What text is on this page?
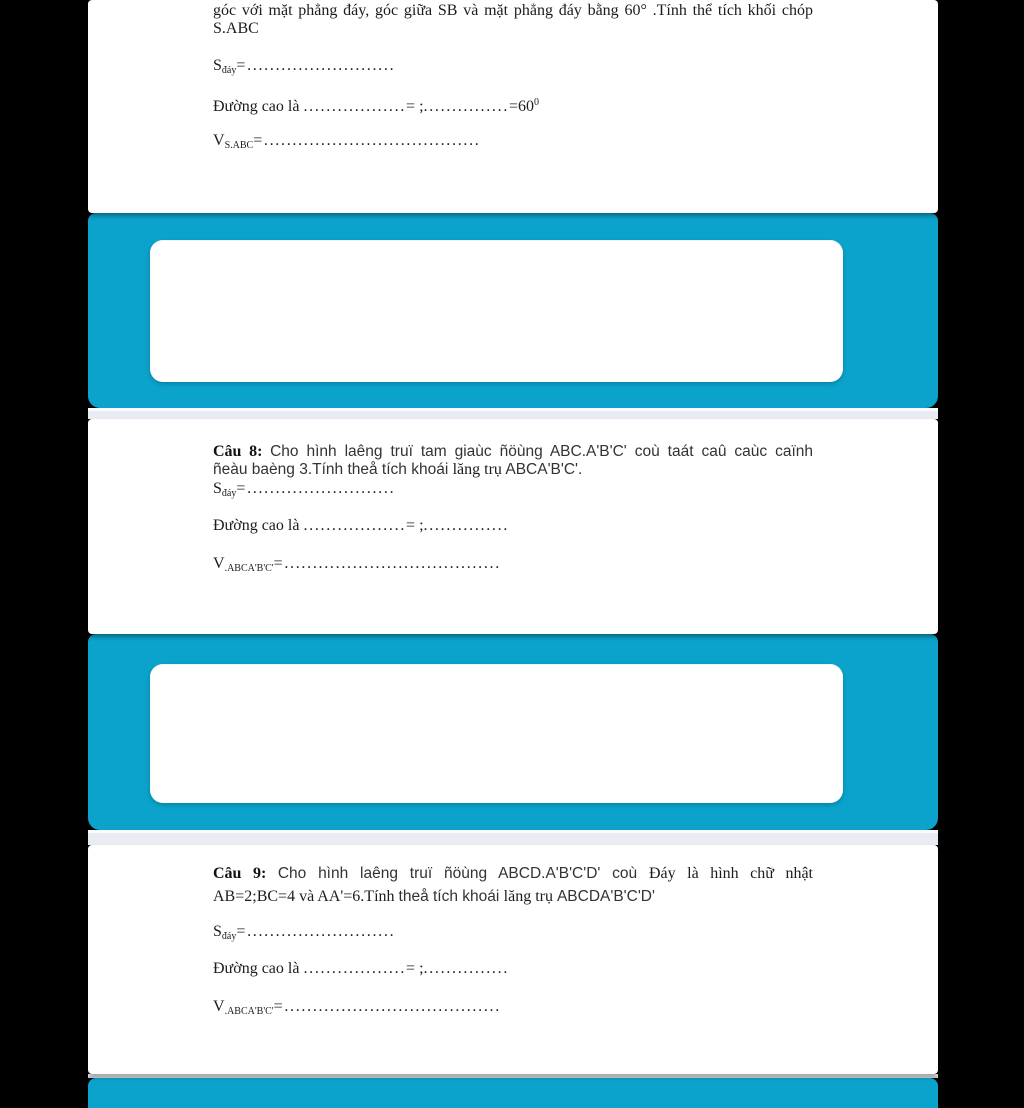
góc với mặt phẳng đáy, góc giữa SB và mặt phẳng đáy bằng 60° .Tính thể tích khối chóp
S.ABC
$S_{đáy}=$..........................
Đường cao là ..................= $;...............=60^0$
$V_{S.ABC}=$......................................
Câu 8: Cho hình laêng truï tam giaùc ñöùng ABC.A'B'C' coù taát caû caùc caïnh
ñeàu baèng 3.Tính theå tích khoái lăng trụ ABCA'B'C'.
$S_{đáy}=$..........................
Đường cao là ..................= ;...............
$V_{.ABCA'B'C'}=$......................................
Câu 9: Cho hình laêng truï ñöùng ABCD.A'B'C'D' coù Đáy là hình chữ nhật
AB=2;BC=4 và AA'=6.Tính theå tích khoái lăng trụ ABCDA'B'C'D'
$S_{đáy}=$..........................
Đường cao là ..................= ;...............
$V_{.ABCA'B'C'}=$......................................
